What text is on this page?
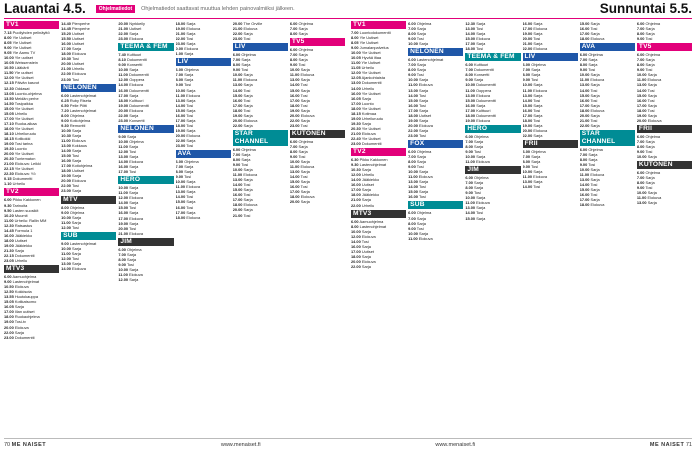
Lauantai 4.5.	Ohjelmatiedot	Ohjelmatiedot saattavat muuttua lehden painovalmiiksi jälkeen.	Sunnuntai 5.5.
TV1
7.13 Puoliyhden pelinäyttö
8.00 Yle Uutiset
8.05 Yle Uutiset
9.00 Yle Uutiset
9.05 Yle Aamu TV
10.00 Yle uutiset
10.05 Weissenstein
10.50 Lääkärit
11.50 Yle uutiset
12.00 Yle Uutiset
12.15 Päivän kasvot
12.30 Oddasat
13.05 Luonto-ohjelma
13.50 Meidän perhe
14.50 Tosipaikka
15.00 Yle Uutiset
15.05 Urheilu
17.00 Yle Uutiset
17.10 Ruoka-aikaa
18.00 Yle Uutiset
18.10 Urheiluruutu
18.15 Kotikokki
19.00 Tosi tarina
19.30 Luonto
20.00 Yle Uutiset
20.30 Tuntematon
21.00 Elokuva: Leikki
22.15 Yle Uutiset
22.30 Elokuva: Yö
0.15 Dokumentti
1.10 Urheilu
TV2
6.00 Pikku Kakkonen
9.30 Tarinoita
9.50 Lasten suosikit
10.20 Muumit
11.00 Urheilu: Rallin MM
12.30 Ratsastus
14.45 Formula 1
16.00 Jääkiekko
18.00 Uutiset
19.00 Jääkiekko
21.30 Sarja
22.15 Dokumentti
23.05 Urheilu
MTV3
6.00 Aamuohjelma
9.00 Lastenohjelmat
10.50 Elokuva
12.50 Kokkisota
13.55 Huutokauppa
15.05 Kotikatsomo
16.05 Sarja
17.00 Illan uutiset
18.00 Ruokaohjelma
19.00 Tosi-tv
20.00 Elokuva
22.00 Sarja
23.00 Dokumentti
14.40 Pienperhe
14.45 Pienperhe
15.20 Uutiset
15.50 Uutiset
16.00 Uutiset
17.00 Sarja
18.00 Elokuva
19.30 Tosi
20.00 Uutiset
21.00 Urheilu
22.00 Elokuva
23.00 Tosi
NELONEN
6.00 Lastenohjelmat
6.25 Ruby Riseta
6.50 Pelle Piltti
7.20 Lastenohjelmat
8.00 Ohjelma
9.00 Kotiohjelma
9.30 Remontti
10.00 Sarja
10.30 Sarja
11.00 Elokuva
13.00 Kokkaus
14.00 Sarja
15.00 Tosi
16.00 Sarja
17.00 Kotiohjelma
18.00 Uutiset
19.00 Sarja
20.00 Elokuva
22.00 Tosi
23.00 Sarja
MTV
8.00 Ohjelma
9.00 Ohjelma
10.00 Sarja
11.00 Sarja
12.00 Tosi
SUB
9.00 Lastenohjelmat
10.00 Sarja
11.00 Sarja
12.00 Tosi
13.00 Sarja
14.00 Elokuva
20.00 Nyrkkeily
21.00 Uutiset
22.00 Sarja
23.00 Elokuva
TEEMA & FEM
7.40 Kulttuuri
8.10 Dokumentti
9.00 Konsertti
10.00 Sarja
11.00 Dokumentti
12.00 Ooppera
14.00 Elokuva
16.00 Dokumentti
17.00 Sarja
18.00 Kulttuuri
19.00 Dokumentti
20.00 Elokuva
22.00 Sarja
23.00 Konsertti
NELONEN
9.00 Sarja
10.00 Ohjelma
11.00 Sarja
12.00 Tosi
13.00 Sarja
14.00 Elokuva
16.00 Sarja
17.00 Tosi
HERO
10.00 Sarja
11.00 Sarja
12.00 Elokuva
14.00 Sarja
15.00 Tosi
16.00 Sarja
17.00 Elokuva
19.00 Sarja
20.00 Tosi
21.00 Elokuva
JIM
6.00 Ohjelma
7.00 Sarja
8.00 Sarja
9.00 Tosi
10.00 Sarja
11.00 Elokuva
12.00 Sarja
18.00 Sarja
19.00 Elokuva
21.00 Sarja
22.00 Tosi
23.00 Sarja
0.00 Elokuva
1.00 Sarja
LIV
6.00 Ohjelma
7.00 Sarja
8.00 Sarja
9.00 Tosi
10.00 Sarja
11.00 Elokuva
13.00 Sarja
14.00 Tosi
15.00 Sarja
16.00 Tosi
17.00 Sarja
18.00 Tosi
19.00 Sarja
20.00 Elokuva
22.00 Sarja
23.00 Tosi
AVA
6.00 Ohjelma
7.00 Sarja
8.00 Sarja
9.00 Tosi
10.00 Sarja
11.00 Elokuva
13.00 Sarja
14.00 Tosi
15.00 Sarja
16.00 Tosi
17.00 Sarja
18.00 Elokuva
20.00 The Orville
21.00 Elokuva
22.00 Sarja
23.00 Tosi
LIV
6.00 Ohjelma
7.00 Sarja
8.00 Sarja
9.00 Tosi
10.00 Sarja
11.00 Elokuva
13.00 Sarja
14.00 Tosi
15.00 Sarja
16.00 Tosi
17.00 Sarja
18.00 Tosi
19.00 Sarja
20.00 Elokuva
22.00 Sarja
STAR CHANNEL
6.00 Ohjelma
7.00 Sarja
8.00 Sarja
9.00 Tosi
10.00 Sarja
11.00 Elokuva
13.00 Sarja
14.00 Tosi
15.00 Sarja
16.00 Tosi
17.00 Sarja
18.00 Elokuva
20.00 Sarja
21.00 Tosi
6.00 Ohjelma
7.00 Sarja
8.00 Sarja
TV5
6.00 Ohjelma
7.00 Sarja
8.00 Sarja
9.00 Tosi
10.00 Sarja
11.00 Elokuva
13.00 Sarja
14.00 Tosi
15.00 Sarja
16.00 Tosi
17.00 Sarja
18.00 Tosi
19.00 Sarja
20.00 Elokuva
22.00 Sarja
23.00 Tosi
KUTONEN
6.00 Ohjelma
7.00 Sarja
8.00 Sarja
9.00 Tosi
10.00 Sarja
11.00 Elokuva
13.00 Sarja
14.00 Tosi
15.00 Sarja
16.00 Tosi
17.00 Sarja
18.00 Elokuva
20.00 Sarja
TV1
7.00 Luontodokumentti
8.00 Yle Uutiset
8.05 Yle Uutiset
9.00 Jumalanpalvelus
10.00 Yle Uutiset
10.05 Hyvää iltaa
11.00 Yle Uutiset
11.05 Urheilu
12.00 Yle Uutiset
12.05 Ajankohtaista
13.00 Dokumentti
14.00 Urheilu
16.00 Yle Uutiset
16.05 Sarja
17.00 Luonto
18.00 Yle Uutiset
18.15 Kotimaa
19.00 Urheiluruutu
19.30 Sarja
20.30 Yle Uutiset
21.00 Elokuva
22.40 Yle Uutiset
23.00 Dokumentti
TV2
6.30 Pikku Kakkonen
9.30 Lastenohjelmat
10.30 Sarja
12.00 Urheilu
14.00 Jääkiekko
16.00 Uutiset
17.00 Sarja
18.00 Jääkiekko
21.00 Sarja
22.00 Urheilu
MTV3
6.00 Aamuohjelma
8.00 Lastenohjelmat
10.00 Sarja
12.00 Elokuva
14.00 Tosi
16.00 Sarja
17.00 Uutiset
18.00 Sarja
20.00 Elokuva
22.00 Sarja
6.00 Ohjelma
7.00 Sarja
8.00 Sarja
9.00 Tosi
10.00 Sarja
NELONEN
6.00 Lastenohjelmat
7.00 Sarja
8.00 Sarja
9.00 Tosi
10.00 Sarja
11.00 Elokuva
13.00 Sarja
14.00 Tosi
15.00 Sarja
16.00 Tosi
17.00 Sarja
18.00 Uutiset
19.00 Sarja
20.00 Elokuva
22.00 Sarja
23.00 Tosi
FOX
6.00 Ohjelma
7.00 Sarja
8.00 Sarja
9.00 Tosi
10.00 Sarja
11.00 Elokuva
13.00 Sarja
14.00 Tosi
15.00 Sarja
16.00 Tosi
SUB
6.00 Ohjelma
7.00 Sarja
8.00 Sarja
9.00 Tosi
10.00 Sarja
11.00 Elokuva
12.30 Sarja
13.00 Tosi
14.00 Sarja
15.00 Elokuva
17.00 Sarja
18.00 Tosi
TEEMA & FEM
6.00 Kulttuuri
7.00 Dokumentti
8.00 Konsertti
9.00 Sarja
10.00 Dokumentti
11.00 Ooppera
13.00 Elokuva
15.00 Dokumentti
16.00 Sarja
17.00 Kulttuuri
18.00 Dokumentti
19.00 Elokuva
HERO
6.00 Ohjelma
7.00 Sarja
8.00 Sarja
9.00 Tosi
10.00 Sarja
11.00 Elokuva
JIM
6.00 Ohjelma
7.00 Sarja
8.00 Sarja
9.00 Tosi
10.00 Sarja
11.00 Elokuva
13.00 Sarja
14.00 Tosi
15.00 Sarja
16.00 Sarja
17.00 Elokuva
19.00 Sarja
20.00 Tosi
21.00 Sarja
22.00 Elokuva
LIV
6.00 Ohjelma
7.00 Sarja
8.00 Sarja
9.00 Tosi
10.00 Sarja
11.00 Elokuva
13.00 Sarja
14.00 Tosi
15.00 Sarja
16.00 Tosi
17.00 Sarja
18.00 Tosi
19.00 Sarja
20.00 Elokuva
22.00 Sarja
FRII
6.00 Ohjelma
7.00 Sarja
8.00 Sarja
9.00 Tosi
10.00 Sarja
11.00 Elokuva
13.00 Sarja
14.00 Tosi
15.00 Sarja
16.00 Tosi
17.00 Sarja
18.00 Elokuva
AVA
6.00 Ohjelma
7.00 Sarja
8.00 Sarja
9.00 Tosi
10.00 Sarja
11.00 Elokuva
13.00 Sarja
14.00 Tosi
15.00 Sarja
16.00 Tosi
17.00 Sarja
18.00 Elokuva
20.00 Sarja
21.00 Tosi
22.00 Sarja
STAR CHANNEL
6.00 Ohjelma
7.00 Sarja
8.00 Sarja
9.00 Tosi
10.00 Sarja
11.00 Elokuva
13.00 Sarja
14.00 Tosi
15.00 Sarja
16.00 Tosi
17.00 Sarja
18.00 Elokuva
6.00 Ohjelma
7.00 Sarja
8.00 Sarja
9.00 Tosi
TV5
6.00 Ohjelma
7.00 Sarja
8.00 Sarja
9.00 Tosi
10.00 Sarja
11.00 Elokuva
13.00 Sarja
14.00 Tosi
15.00 Sarja
16.00 Tosi
17.00 Sarja
18.00 Tosi
19.00 Sarja
20.00 Elokuva
FRII
6.00 Ohjelma
7.00 Sarja
8.00 Sarja
9.00 Tosi
10.00 Sarja
KUTONEN
6.00 Ohjelma
7.00 Sarja
8.00 Sarja
9.00 Tosi
10.00 Sarja
11.00 Elokuva
13.00 Sarja
70 ME NAISET	www.menaiset.fi	www.menaiset.fi	ME NAISET 71
